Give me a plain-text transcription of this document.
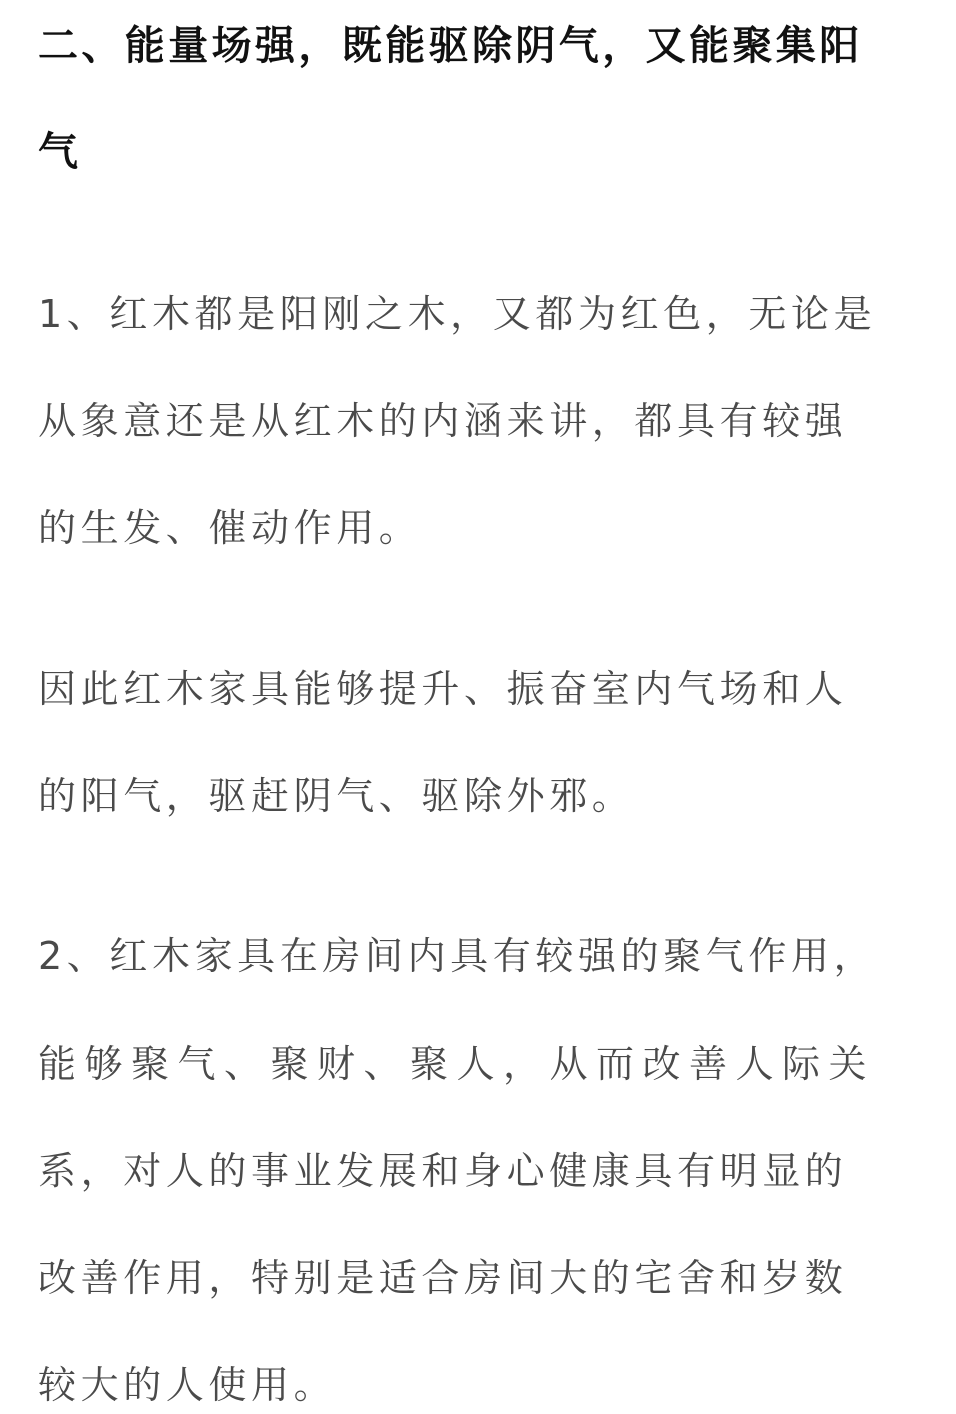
二、能量场强，既能驱除阴气，又能聚集阳
气
1、红木都是阳刚之木，又都为红色，无论是
从象意还是从红木的内涵来讲，都具有较强
的生发、催动作用。
因此红木家具能够提升、振奋室内气场和人
的阳气，驱赶阴气、驱除外邪。
2、红木家具在房间内具有较强的聚气作用，
能够聚气、聚财、聚人，从而改善人际关
系，对人的事业发展和身心健康具有明显的
改善作用，特别是适合房间大的宅舍和岁数
较大的人使用。
